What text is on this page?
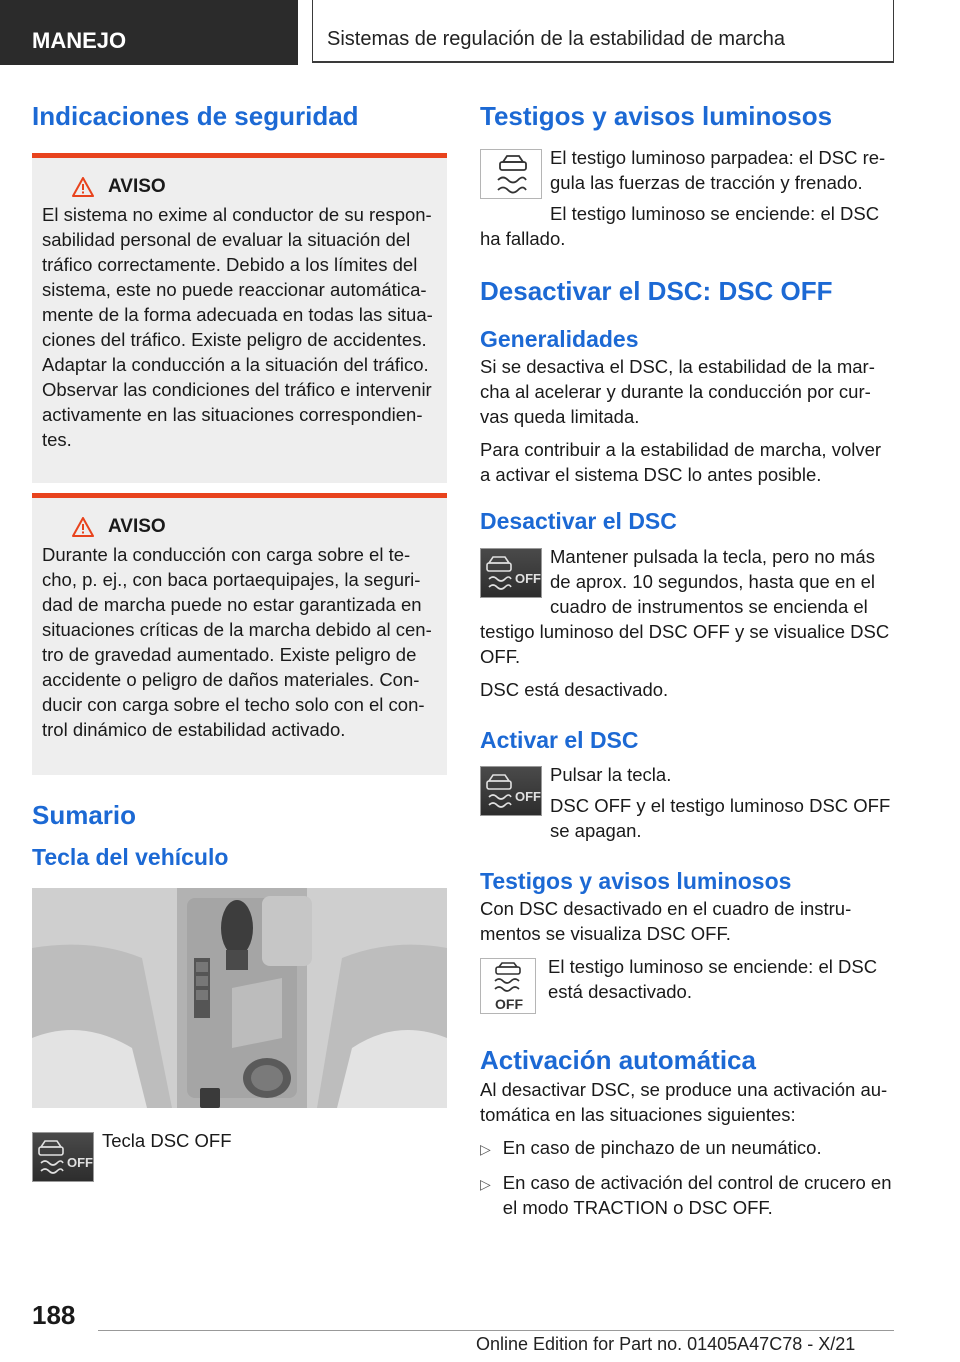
MANEJO	Sistemas de regulación de la estabilidad de marcha
Indicaciones de seguridad
AVISO

El sistema no exime al conductor de su respon-sabilidad personal de evaluar la situación del tráfico correctamente. Debido a los límites del sistema, este no puede reaccionar automática-mente de la forma adecuada en todas las situa-ciones del tráfico. Existe peligro de accidentes. Adaptar la conducción a la situación del tráfico. Observar las condiciones del tráfico e intervenir activamente en las situaciones correspondien-tes.

AVISO

Durante la conducción con carga sobre el te-cho, p. ej., con baca portaequipajes, la seguri-dad de marcha puede no estar garantizada en situaciones críticas de la marcha debido al cen-tro de gravedad aumentado. Existe peligro de accidente o peligro de daños materiales. Con-ducir con carga sobre el techo solo con el con-trol dinámico de estabilidad activado.

Sumario
Tecla del vehículo
OFF

Tecla DSC OFF

Testigos y avisos luminosos

El testigo luminoso parpadea: el DSC re-gula las fuerzas de tracción y frenado.

El testigo luminoso se enciende: el DSC ha fallado.

Desactivar el DSC: DSC OFF
Generalidades

Si se desactiva el DSC, la estabilidad de la mar-cha al acelerar y durante la conducción por cur-vas queda limitada.

Para contribuir a la estabilidad de marcha, volver a activar el sistema DSC lo antes posible.

Desactivar el DSC
OFF

Mantener pulsada la tecla, pero no más de aprox. 10 segundos, hasta que en el cuadro de instrumentos se encienda el testigo luminoso del DSC OFF y se visualice DSC OFF.

DSC está desactivado.

Activar el DSC
OFF

Pulsar la tecla.

DSC OFF y el testigo luminoso DSC OFF se apagan.

Testigos y avisos luminosos

Con DSC desactivado en el cuadro de instru-mentos se visualiza DSC OFF.

OFF

El testigo luminoso se enciende: el DSC está desactivado.

Activación automática

Al desactivar DSC, se produce una activación au-tomática en las situaciones siguientes:

▷ En caso de pinchazo de un neumático.
▷ En caso de activación del control de crucero en el modo TRACTION o DSC OFF.
188
Online Edition for Part no. 01405A47C78 - X/21
